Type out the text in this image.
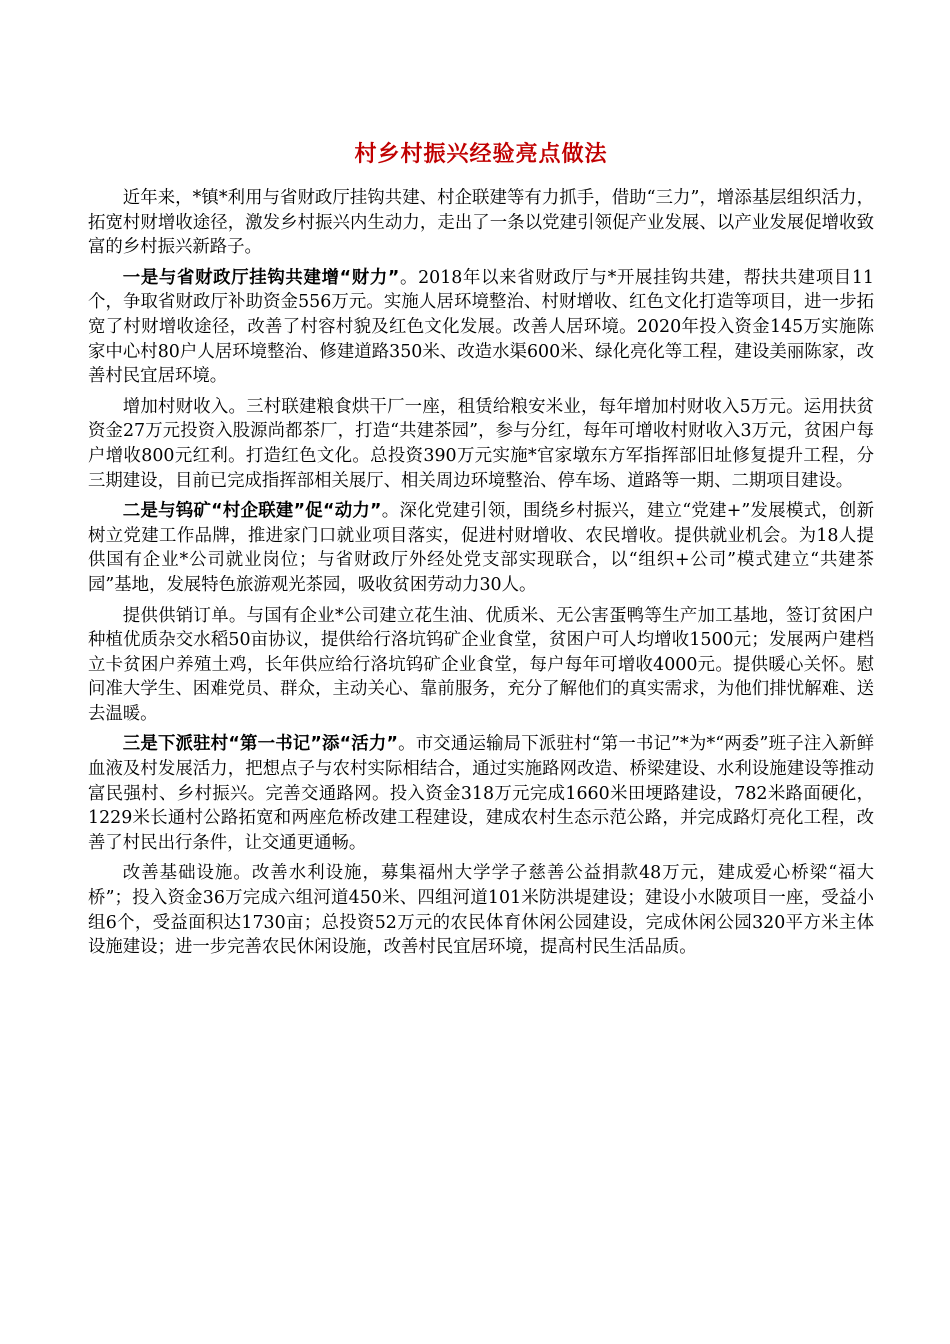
村乡村振兴经验亮点做法

近年来，*镇*利用与省财政厅挂钩共建、村企联建等有力抓手，借助“三力”，增添基层组织活力，拓宽村财增收途径，激发乡村振兴内生动力，走出了一条以党建引领促产业发展、以产业发展促增收致富的乡村振兴新路子。

一是与省财政厅挂钩共建增“财力”。2018年以来省财政厅与*开展挂钩共建，帮扶共建项目11个，争取省财政厅补助资金556万元。实施人居环境整治、村财增收、红色文化打造等项目，进一步拓宽了村财增收途径，改善了村容村貌及红色文化发展。改善人居环境。2020年投入资金145万实施陈家中心村80户人居环境整治、修建道路350米、改造水渠600米、绿化亮化等工程，建设美丽陈家，改善村民宜居环境。

增加村财收入。三村联建粮食烘干厂一座，租赁给粮安米业，每年增加村财收入5万元。运用扶贫资金27万元投资入股源尚都茶厂，打造“共建茶园”，参与分红，每年可增收村财收入3万元，贫困户每户增收800元红利。打造红色文化。总投资390万元实施*官家墩东方军指挥部旧址修复提升工程，分三期建设，目前已完成指挥部相关展厅、相关周边环境整治、停车场、道路等一期、二期项目建设。

二是与钨矿“村企联建”促“动力”。深化党建引领，围绕乡村振兴，建立“党建+”发展模式，创新树立党建工作品牌，推进家门口就业项目落实，促进村财增收、农民增收。提供就业机会。为18人提供国有企业*公司就业岗位；与省财政厅外经处党支部实现联合，以“组织+公司”模式建立“共建茶园”基地，发展特色旅游观光茶园，吸收贫困劳动力30人。

提供供销订单。与国有企业*公司建立花生油、优质米、无公害蛋鸭等生产加工基地，签订贫困户种植优质杂交水稻50亩协议，提供给行洛坑钨矿企业食堂，贫困户可人均增收1500元；发展两户建档立卡贫困户养殖土鸡，长年供应给行洛坑钨矿企业食堂，每户每年可增收4000元。提供暖心关怀。慰问准大学生、困难党员、群众，主动关心、靠前服务，充分了解他们的真实需求，为他们排忧解难、送去温暖。

三是下派驻村“第一书记”添“活力”。市交通运输局下派驻村“第一书记”*为*“两委”班子注入新鲜血液及村发展活力，把想点子与农村实际相结合，通过实施路网改造、桥梁建设、水利设施建设等推动富民强村、乡村振兴。完善交通路网。投入资金318万元完成1660米田埂路建设，782米路面硬化，1229米长通村公路拓宽和两座危桥改建工程建设，建成农村生态示范公路，并完成路灯亮化工程，改善了村民出行条件，让交通更通畅。

改善基础设施。改善水利设施，募集福州大学学子慈善公益捐款48万元，建成爱心桥梁“福大桥”；投入资金36万完成六组河道450米、四组河道101米防洪堤建设；建设小水陂项目一座，受益小组6个，受益面积达1730亩；总投资52万元的农民体育休闲公园建设，完成休闲公园320平方米主体设施建设；进一步完善农民休闲设施，改善村民宜居环境，提高村民生活品质。
